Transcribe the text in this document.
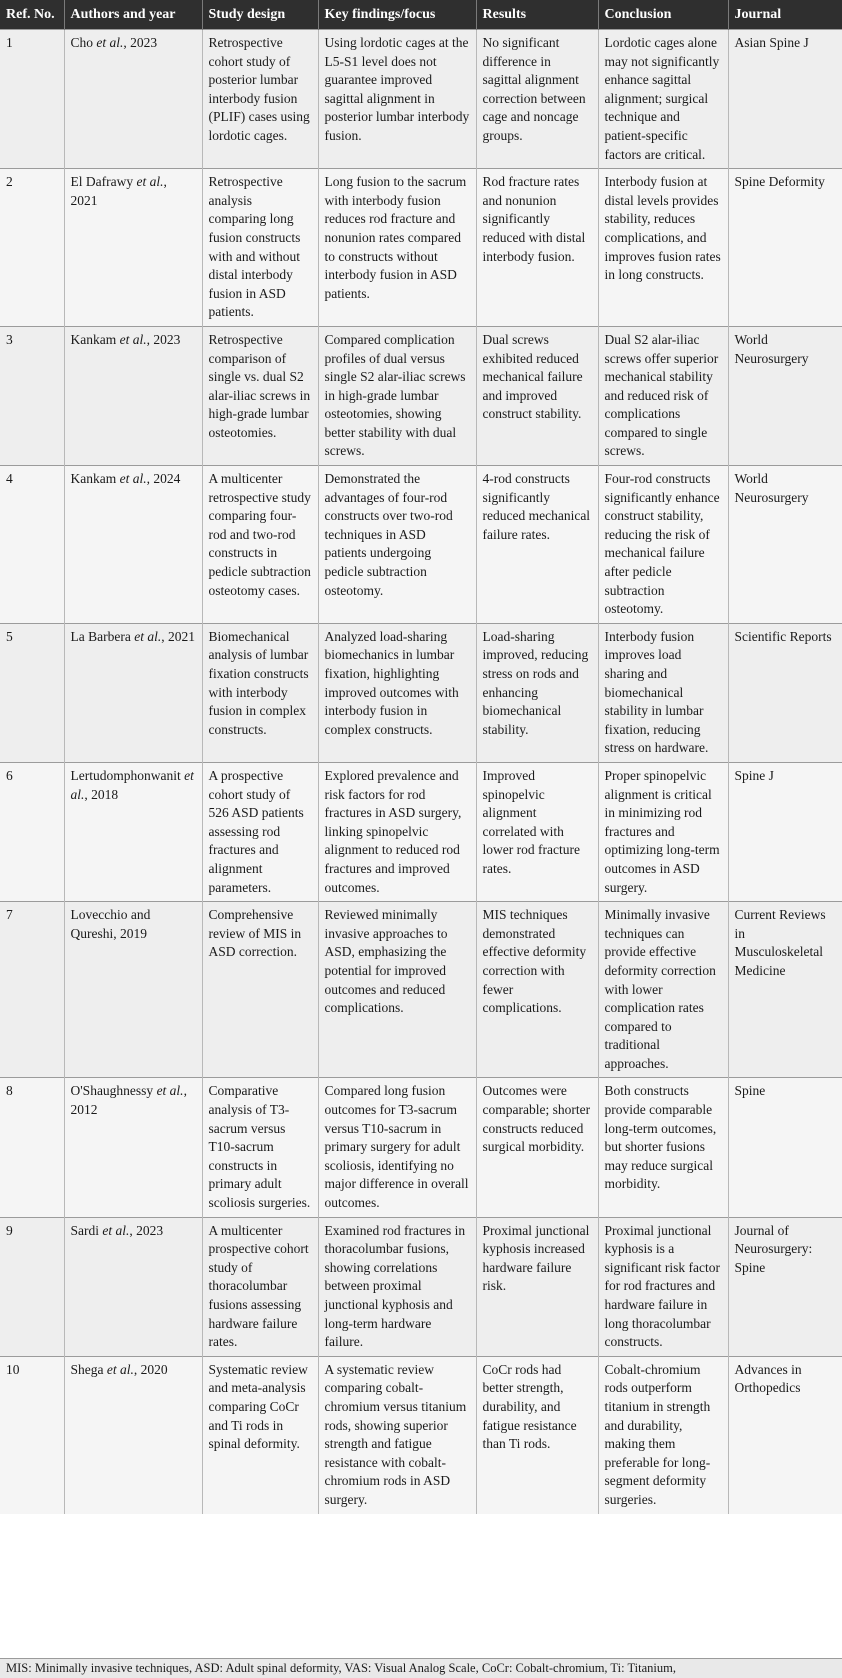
Ref. No.	Authors and year	Study design	Key findings/focus	Results	Conclusion	Journal
1	Cho et al., 2023	Retrospective cohort study of posterior lumbar interbody fusion (PLIF) cases using lordotic cages.	Using lordotic cages at the L5-S1 level does not guarantee improved sagittal alignment in posterior lumbar interbody fusion.	No significant difference in sagittal alignment correction between cage and noncage groups.	Lordotic cages alone may not significantly enhance sagittal alignment; surgical technique and patient-specific factors are critical.	Asian Spine J
2	El Dafrawy et al., 2021	Retrospective analysis comparing long fusion constructs with and without distal interbody fusion in ASD patients.	Long fusion to the sacrum with interbody fusion reduces rod fracture and nonunion rates compared to constructs without interbody fusion in ASD patients.	Rod fracture rates and nonunion significantly reduced with distal interbody fusion.	Interbody fusion at distal levels provides stability, reduces complications, and improves fusion rates in long constructs.	Spine Deformity
3	Kankam et al., 2023	Retrospective comparison of single vs. dual S2 alar-iliac screws in high-grade lumbar osteotomies.	Compared complication profiles of dual versus single S2 alar-iliac screws in high-grade lumbar osteotomies, showing better stability with dual screws.	Dual screws exhibited reduced mechanical failure and improved construct stability.	Dual S2 alar-iliac screws offer superior mechanical stability and reduced risk of complications compared to single screws.	World Neurosurgery
4	Kankam et al., 2024	A multicenter retrospective study comparing four-rod and two-rod constructs in pedicle subtraction osteotomy cases.	Demonstrated the advantages of four-rod constructs over two-rod techniques in ASD patients undergoing pedicle subtraction osteotomy.	4-rod constructs significantly reduced mechanical failure rates.	Four-rod constructs significantly enhance construct stability, reducing the risk of mechanical failure after pedicle subtraction osteotomy.	World Neurosurgery
5	La Barbera et al., 2021	Biomechanical analysis of lumbar fixation constructs with interbody fusion in complex constructs.	Analyzed load-sharing biomechanics in lumbar fixation, highlighting improved outcomes with interbody fusion in complex constructs.	Load-sharing improved, reducing stress on rods and enhancing biomechanical stability.	Interbody fusion improves load sharing and biomechanical stability in lumbar fixation, reducing stress on hardware.	Scientific Reports
6	Lertudomphonwanit et al., 2018	A prospective cohort study of 526 ASD patients assessing rod fractures and alignment parameters.	Explored prevalence and risk factors for rod fractures in ASD surgery, linking spinopelvic alignment to reduced rod fractures and improved outcomes.	Improved spinopelvic alignment correlated with lower rod fracture rates.	Proper spinopelvic alignment is critical in minimizing rod fractures and optimizing long-term outcomes in ASD surgery.	Spine J
7	Lovecchio and Qureshi, 2019	Comprehensive review of MIS in ASD correction.	Reviewed minimally invasive approaches to ASD, emphasizing the potential for improved outcomes and reduced complications.	MIS techniques demonstrated effective deformity correction with fewer complications.	Minimally invasive techniques can provide effective deformity correction with lower complication rates compared to traditional approaches.	Current Reviews in Musculoskeletal Medicine
8	O'Shaughnessy et al., 2012	Comparative analysis of T3-sacrum versus T10-sacrum constructs in primary adult scoliosis surgeries.	Compared long fusion outcomes for T3-sacrum versus T10-sacrum in primary surgery for adult scoliosis, identifying no major difference in overall outcomes.	Outcomes were comparable; shorter constructs reduced surgical morbidity.	Both constructs provide comparable long-term outcomes, but shorter fusions may reduce surgical morbidity.	Spine
9	Sardi et al., 2023	A multicenter prospective cohort study of thoracolumbar fusions assessing hardware failure rates.	Examined rod fractures in thoracolumbar fusions, showing correlations between proximal junctional kyphosis and long-term hardware failure.	Proximal junctional kyphosis increased hardware failure risk.	Proximal junctional kyphosis is a significant risk factor for rod fractures and hardware failure in long thoracolumbar constructs.	Journal of Neurosurgery: Spine
10	Shega et al., 2020	Systematic review and meta-analysis comparing CoCr and Ti rods in spinal deformity.	A systematic review comparing cobalt-chromium versus titanium rods, showing superior strength and fatigue resistance with cobalt-chromium rods in ASD surgery.	CoCr rods had better strength, durability, and fatigue resistance than Ti rods.	Cobalt-chromium rods outperform titanium in strength and durability, making them preferable for long-segment deformity surgeries.	Advances in Orthopedics
MIS: Minimally invasive techniques, ASD: Adult spinal deformity, VAS: Visual Analog Scale, CoCr: Cobalt-chromium, Ti: Titanium,
